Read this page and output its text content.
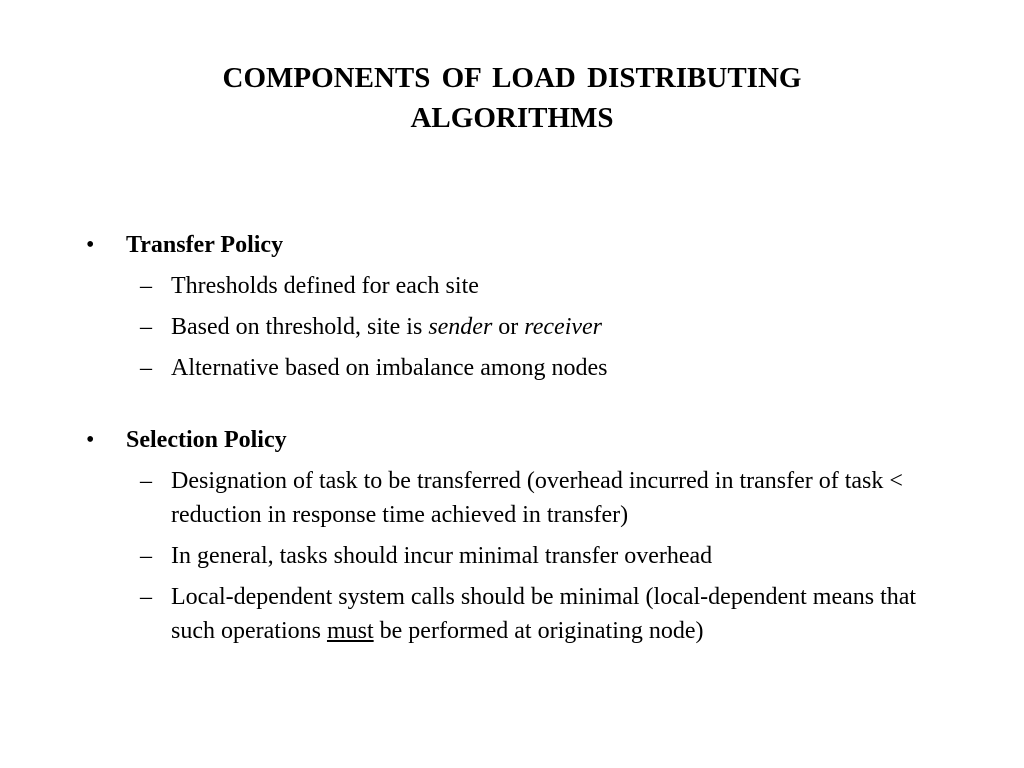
COMPONENTS OF LOAD DISTRIBUTING
ALGORITHMS
• Transfer Policy
– Thresholds defined for each site
– Based on threshold, site is sender or receiver
– Alternative based on imbalance among nodes
• Selection Policy
– Designation of task to be transferred (overhead incurred in transfer of task < reduction in response time achieved in transfer)
– In general, tasks should incur minimal transfer overhead
– Local-dependent system calls should be minimal (local-dependent means that such operations must be performed at originating node)
